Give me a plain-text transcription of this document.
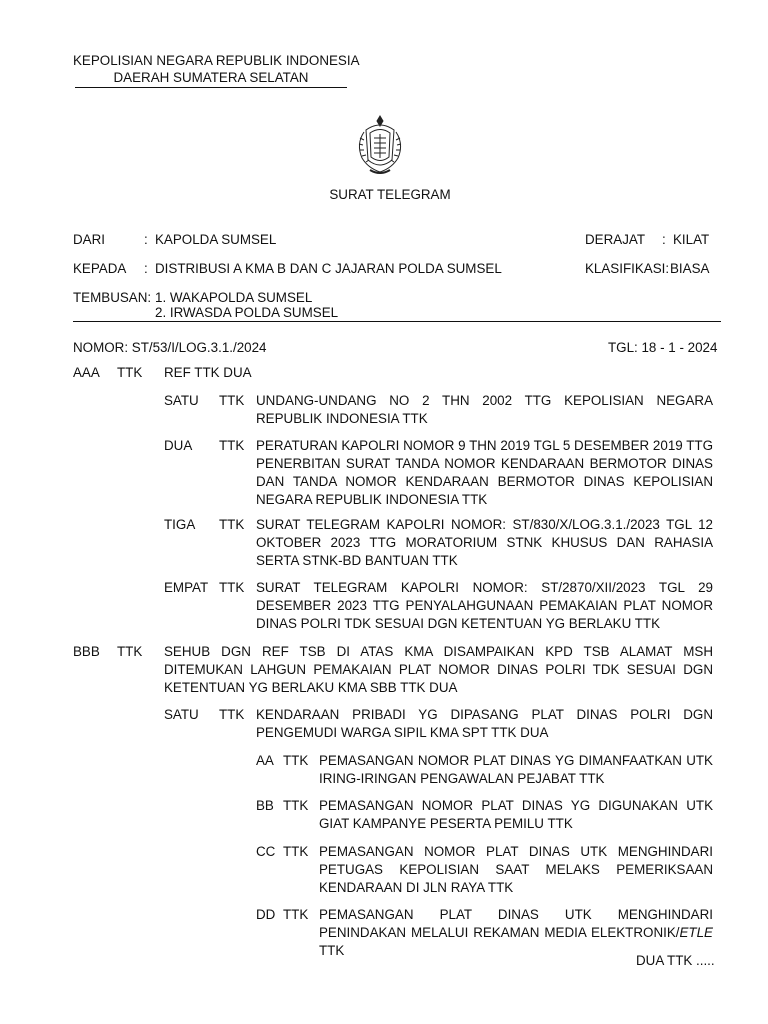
KEPOLISIAN NEGARA REPUBLIK INDONESIA
DAERAH SUMATERA SELATAN
SURAT TELEGRAM
DARI	: KAPOLDA SUMSEL	DERAJAT : KILAT
KEPADA : DISTRIBUSI A KMA B DAN C JAJARAN POLDA SUMSEL	KLASIFIKASI: BIASA
TEMBUSAN: 1. WAKAPOLDA SUMSEL
2. IRWASDA POLDA SUMSEL
NOMOR: ST/53/I/LOG.3.1./2024	TGL: 18 - 1 - 2024
AAA TTK REF TTK DUA
SATU TTK UNDANG-UNDANG NO 2 THN 2002 TTG KEPOLISIAN NEGARA REPUBLIK INDONESIA TTK
DUA TTK PERATURAN KAPOLRI NOMOR 9 THN 2019 TGL 5 DESEMBER 2019 TTG PENERBITAN SURAT TANDA NOMOR KENDARAAN BERMOTOR DINAS DAN TANDA NOMOR KENDARAAN BERMOTOR DINAS KEPOLISIAN NEGARA REPUBLIK INDONESIA TTK
TIGA TTK SURAT TELEGRAM KAPOLRI NOMOR: ST/830/X/LOG.3.1./2023 TGL 12 OKTOBER 2023 TTG MORATORIUM STNK KHUSUS DAN RAHASIA SERTA STNK-BD BANTUAN TTK
EMPAT TTK SURAT TELEGRAM KAPOLRI NOMOR: ST/2870/XII/2023 TGL 29 DESEMBER 2023 TTG PENYALAHGUNAAN PEMAKAIAN PLAT NOMOR DINAS POLRI TDK SESUAI DGN KETENTUAN YG BERLAKU TTK
BBB TTK SEHUB DGN REF TSB DI ATAS KMA DISAMPAIKAN KPD TSB ALAMAT MSH DITEMUKAN LAHGUN PEMAKAIAN PLAT NOMOR DINAS POLRI TDK SESUAI DGN KETENTUAN YG BERLAKU KMA SBB TTK DUA
SATU TTK KENDARAAN PRIBADI YG DIPASANG PLAT DINAS POLRI DGN PENGEMUDI WARGA SIPIL KMA SPT TTK DUA
AA TTK PEMASANGAN NOMOR PLAT DINAS YG DIMANFAATKAN UTK IRING-IRINGAN PENGAWALAN PEJABAT TTK
BB TTK PEMASANGAN NOMOR PLAT DINAS YG DIGUNAKAN UTK GIAT KAMPANYE PESERTA PEMILU TTK
CC TTK PEMASANGAN NOMOR PLAT DINAS UTK MENGHINDARI PETUGAS KEPOLISIAN SAAT MELAKS PEMERIKSAAN KENDARAAN DI JLN RAYA TTK
DD TTK PEMASANGAN PLAT DINAS UTK MENGHINDARI PENINDAKAN MELALUI REKAMAN MEDIA ELEKTRONIK/ETLE TTK
DUA TTK .....
